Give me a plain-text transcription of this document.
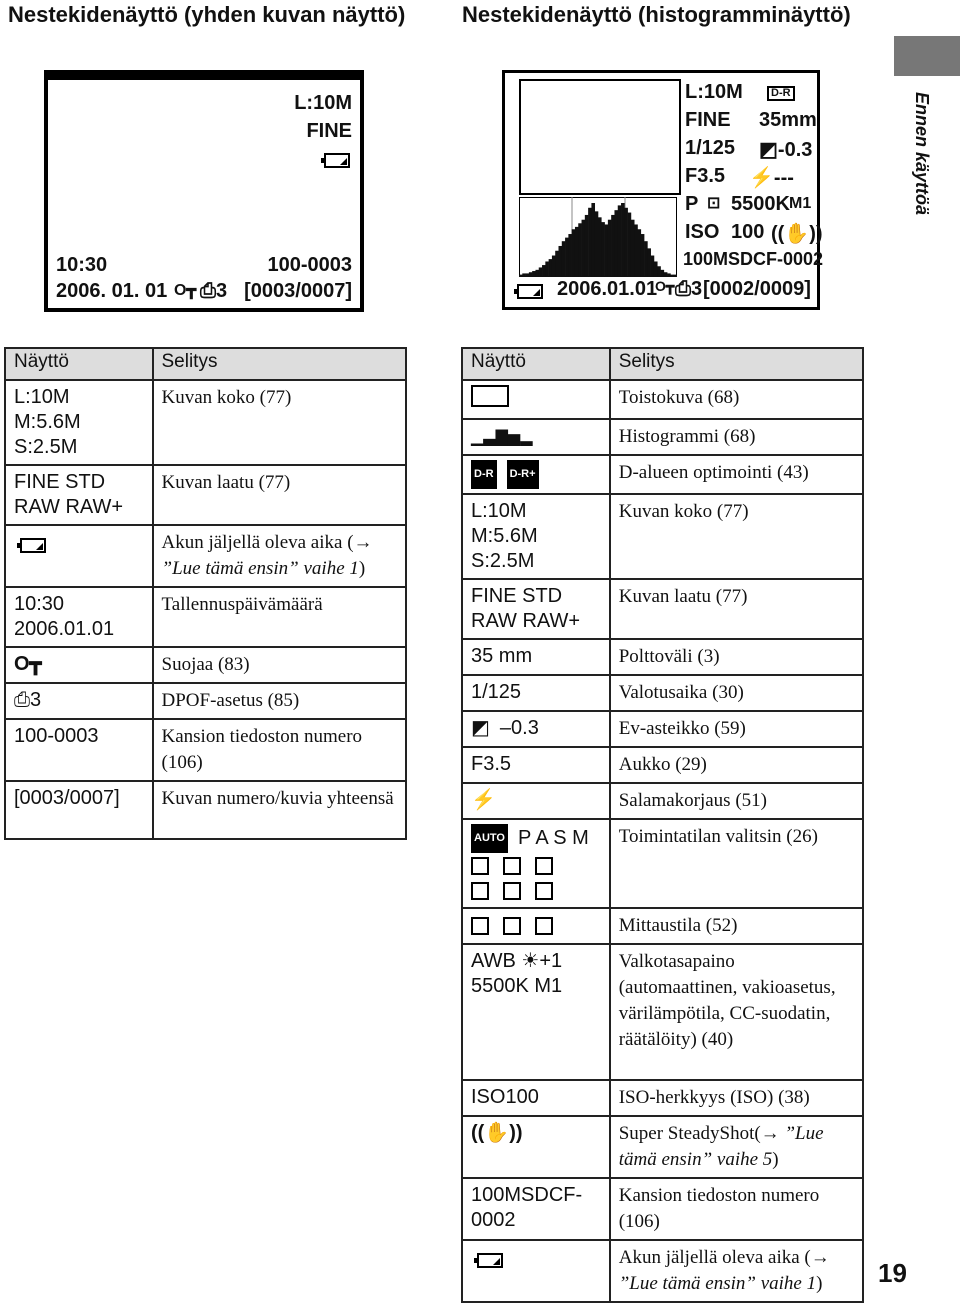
Nestekidenäyttö (yhden kuvan näyttö)	Nestekidenäyttö (histogramminäyttö)
Ennen käyttöä
L:10M
FINE
10:30
2006. 01. 01 O┳ ⎙3
100-0003
[0003/0007]
L:10M	D-R
FINE 35mm
1/125 ◩-0.3
F3.5 ⚡---
P ⊡ 5500K M1
ISO 100 ((✋))
100MSDCF-0002
2006.01.01
O┳ ⎙3 [0002/0009]
Näyttö	Selitys
L:10M
M:5.6M
S:2.5M	Kuvan koko (77)
FINE STD
RAW RAW+	Kuvan laatu (77)
	Akun jäljellä oleva aika (→ ”Lue tämä ensin” vaihe 1)
10:30
2006.01.01	Tallennuspäivämäärä
O┳	Suojaa (83)
⎙3	DPOF-asetus (85)
100-0003	Kansion tiedoston numero (106)
[0003/0007]	Kuvan numero/kuvia yhteensä
Näyttö	Selitys
	Toistokuva (68)
▁▃▇▅▂	Histogrammi (68)
D-R D-R+	D-alueen optimointi (43)
L:10M
M:5.6M
S:2.5M	Kuvan koko (77)
FINE STD
RAW RAW+	Kuvan laatu (77)
35 mm	Polttoväli (3)
1/125	Valotusaika (30)
◩ –0.3	Ev-asteikko (59)
F3.5	Aukko (29)
⚡	Salamakorjaus (51)
AUTO P A S M	Toimintatilan valitsin (26)
	Mittaustila (52)
AWB ☀+1
5500K M1	Valkotasapaino (automaattinen, vakioasetus, värilämpötila, CC-suodatin, räätälöity) (40)
ISO100	ISO-herkkyys (ISO) (38)
((✋))	Super SteadyShot(→ ”Lue tämä ensin” vaihe 5)
100MSDCF-
0002	Kansion tiedoston numero (106)
	Akun jäljellä oleva aika (→ ”Lue tämä ensin” vaihe 1) 19
